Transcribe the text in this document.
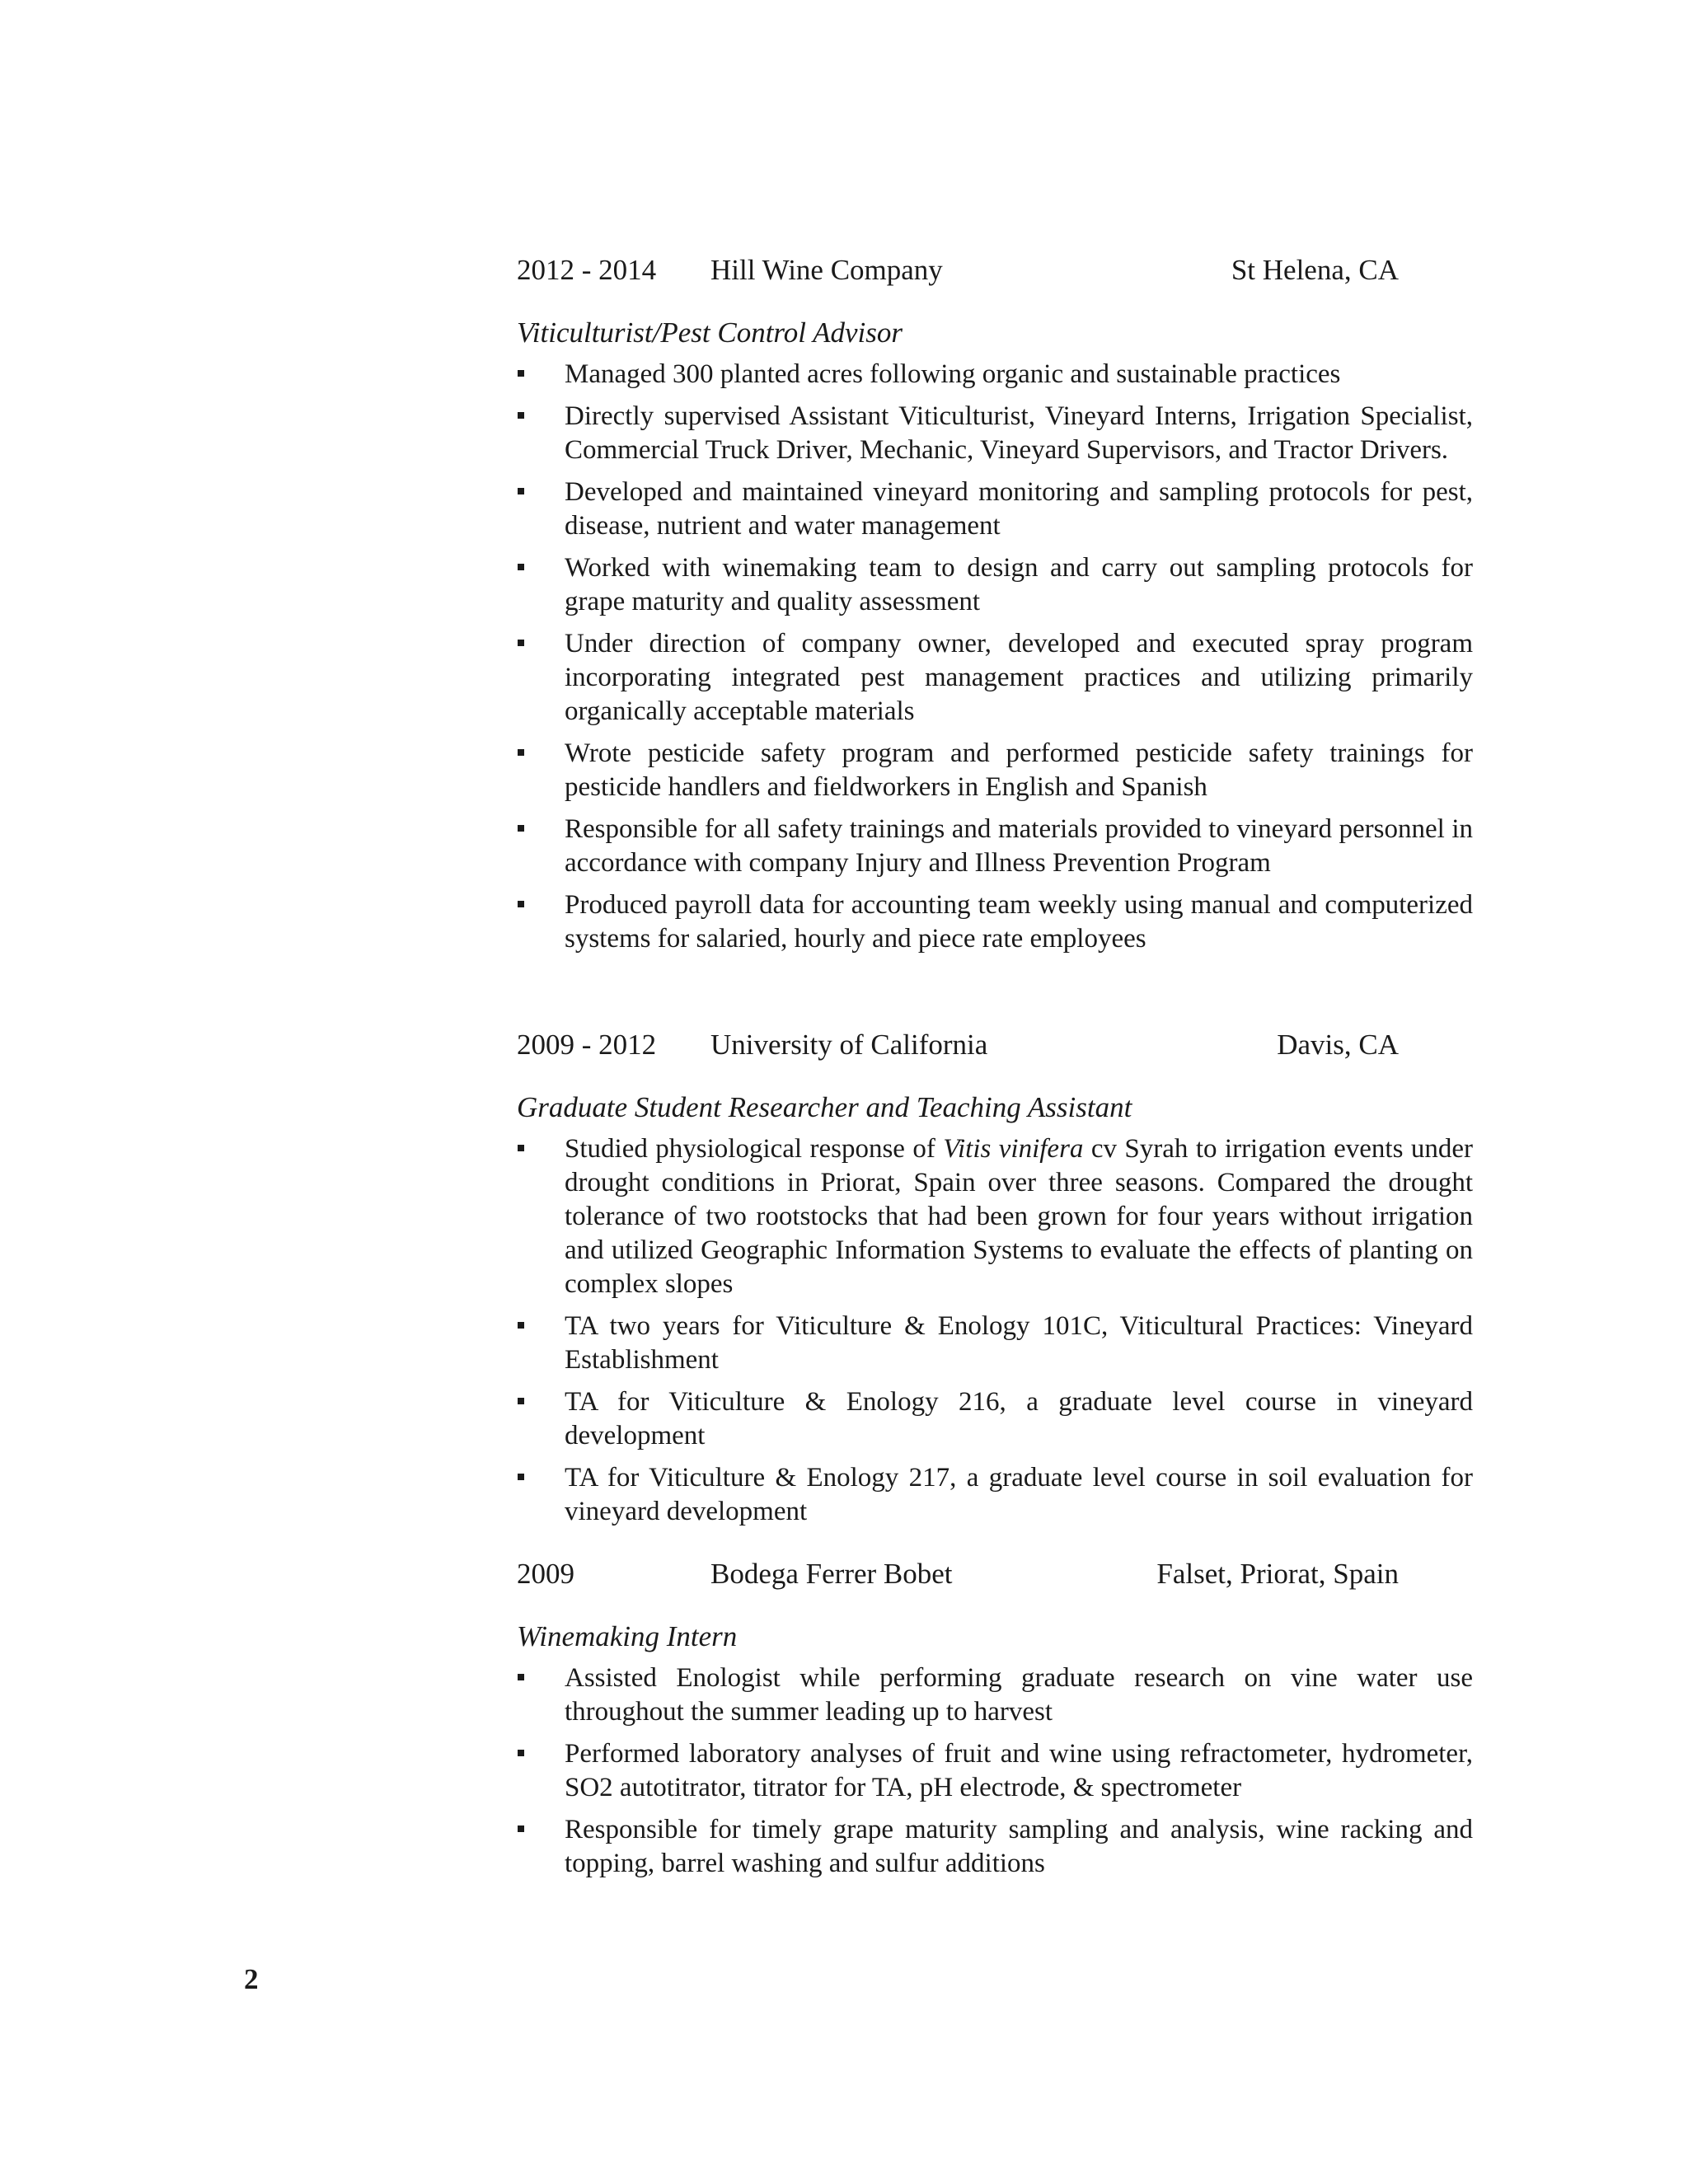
2012 - 2014 Hill Wine Company	St Helena, CA
Viticulturist/Pest Control Advisor
Managed 300 planted acres following organic and sustainable practices
Directly supervised Assistant Viticulturist, Vineyard Interns, Irrigation Specialist, Commercial Truck Driver, Mechanic, Vineyard Supervisors, and Tractor Drivers.
Developed and maintained vineyard monitoring and sampling protocols for pest, disease, nutrient and water management
Worked with winemaking team to design and carry out sampling protocols for grape maturity and quality assessment
Under direction of company owner, developed and executed spray program incorporating integrated pest management practices and utilizing primarily organically acceptable materials
Wrote pesticide safety program and performed pesticide safety trainings for pesticide handlers and fieldworkers in English and Spanish
Responsible for all safety trainings and materials provided to vineyard personnel in accordance with company Injury and Illness Prevention Program
Produced payroll data for accounting team weekly using manual and computerized systems for salaried, hourly and piece rate employees
2009 - 2012 University of California	Davis, CA
Graduate Student Researcher and Teaching Assistant
Studied physiological response of Vitis vinifera cv Syrah to irrigation events under drought conditions in Priorat, Spain over three seasons. Compared the drought tolerance of two rootstocks that had been grown for four years without irrigation and utilized Geographic Information Systems to evaluate the effects of planting on complex slopes
TA two years for Viticulture & Enology 101C, Viticultural Practices: Vineyard Establishment
TA for Viticulture & Enology 216, a graduate level course in vineyard development
TA for Viticulture & Enology 217, a graduate level course in soil evaluation for vineyard development
2009	Bodega Ferrer Bobet	Falset, Priorat, Spain
Winemaking Intern
Assisted Enologist while performing graduate research on vine water use throughout the summer leading up to harvest
Performed laboratory analyses of fruit and wine using refractometer, hydrometer, SO2 autotitrator, titrator for TA, pH electrode, & spectrometer
Responsible for timely grape maturity sampling and analysis, wine racking and topping, barrel washing and sulfur additions
2
